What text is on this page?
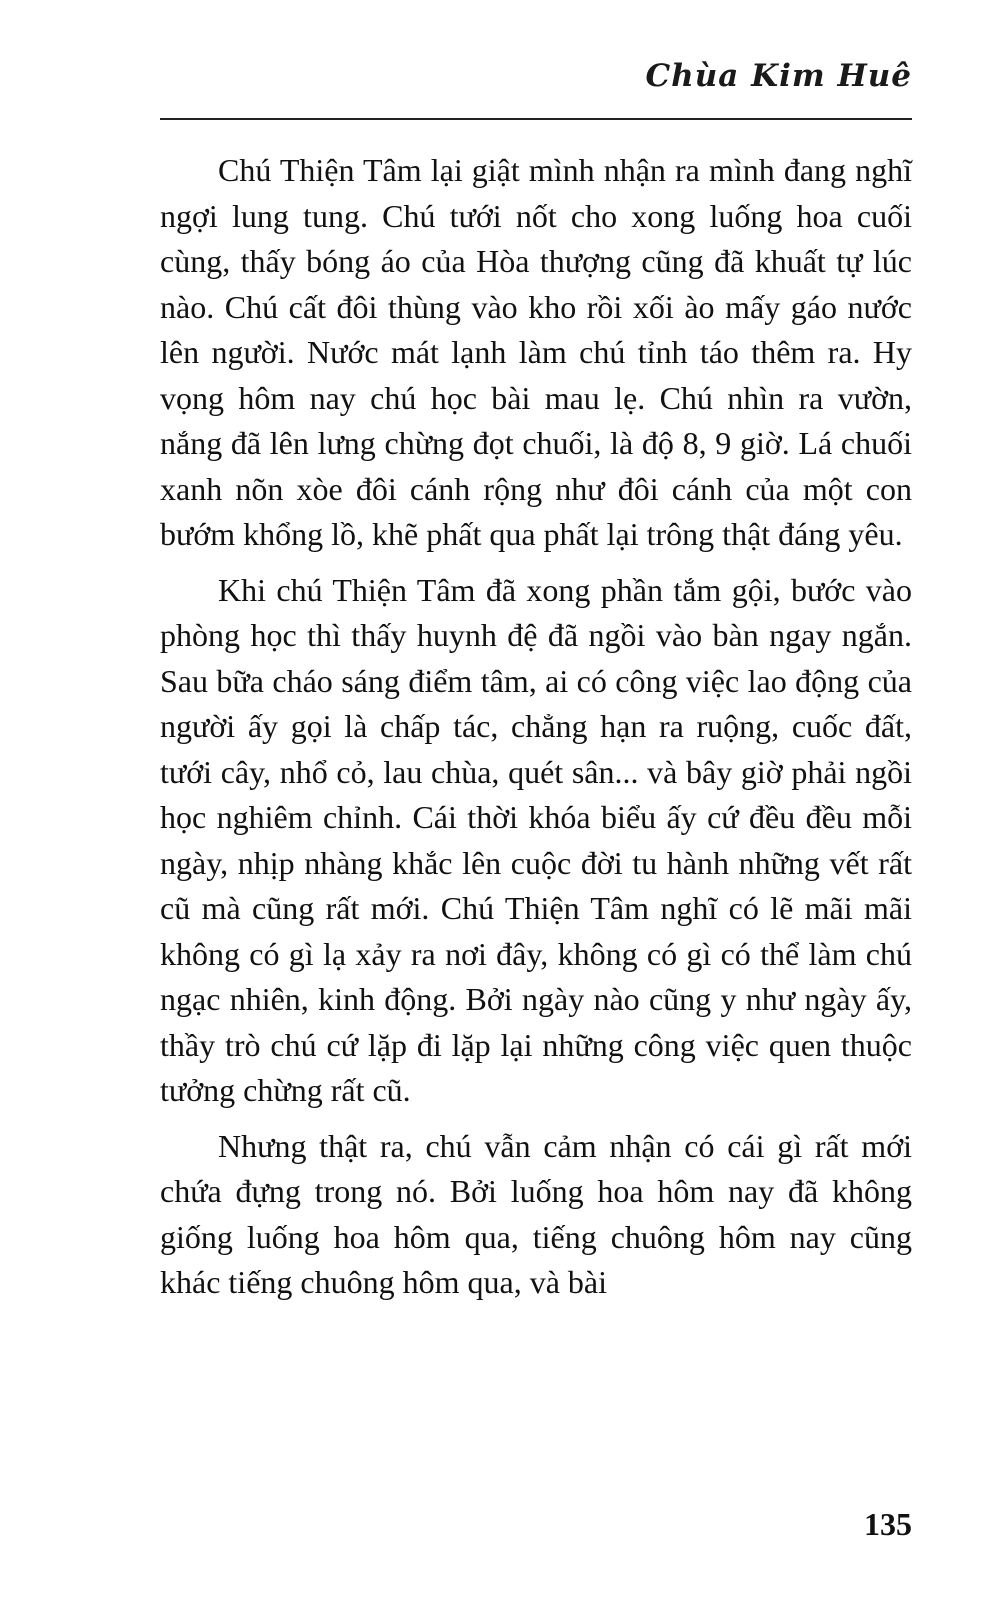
Chùa Kim Huê

Chú Thiện Tâm lại giật mình nhận ra mình đang nghĩ ngợi lung tung. Chú tưới nốt cho xong luống hoa cuối cùng, thấy bóng áo của Hòa thượng cũng đã khuất tự lúc nào. Chú cất đôi thùng vào kho rồi xối ào mấy gáo nước lên người. Nước mát lạnh làm chú tỉnh táo thêm ra. Hy vọng hôm nay chú học bài mau lẹ. Chú nhìn ra vườn, nắng đã lên lưng chừng đọt chuối, là độ 8, 9 giờ. Lá chuối xanh nõn xòe đôi cánh rộng như đôi cánh của một con bướm khổng lồ, khẽ phất qua phất lại trông thật đáng yêu.

Khi chú Thiện Tâm đã xong phần tắm gội, bước vào phòng học thì thấy huynh đệ đã ngồi vào bàn ngay ngắn. Sau bữa cháo sáng điểm tâm, ai có công việc lao động của người ấy gọi là chấp tác, chẳng hạn ra ruộng, cuốc đất, tưới cây, nhổ cỏ, lau chùa, quét sân... và bây giờ phải ngồi học nghiêm chỉnh. Cái thời khóa biểu ấy cứ đều đều mỗi ngày, nhịp nhàng khắc lên cuộc đời tu hành những vết rất cũ mà cũng rất mới. Chú Thiện Tâm nghĩ có lẽ mãi mãi không có gì lạ xảy ra nơi đây, không có gì có thể làm chú ngạc nhiên, kinh động. Bởi ngày nào cũng y như ngày ấy, thầy trò chú cứ lặp đi lặp lại những công việc quen thuộc tưởng chừng rất cũ.

Nhưng thật ra, chú vẫn cảm nhận có cái gì rất mới chứa đựng trong nó. Bởi luống hoa hôm nay đã không giống luống hoa hôm qua, tiếng chuông hôm nay cũng khác tiếng chuông hôm qua, và bài

135
